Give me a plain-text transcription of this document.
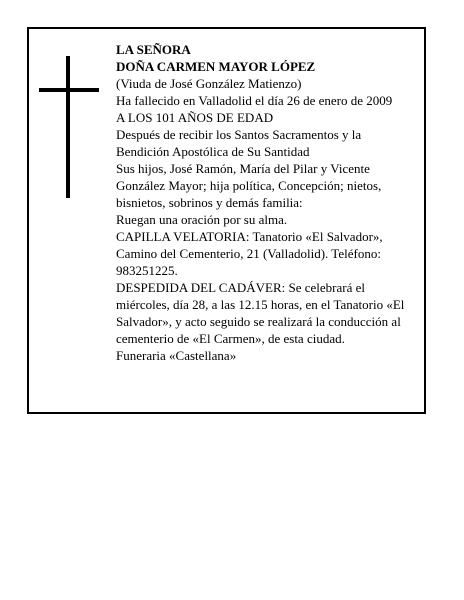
LA SEÑORA
DOÑA CARMEN MAYOR LÓPEZ
(Viuda de José González Matienzo)
Ha fallecido en Valladolid el día 26 de enero de 2009
A LOS 101 AÑOS DE EDAD
Después de recibir los Santos Sacramentos y la
Bendición Apostólica de Su Santidad
Sus hijos, José Ramón, María del Pilar y Vicente
González Mayor; hija política, Concepción; nietos,
bisnietos, sobrinos y demás familia:
Ruegan una oración por su alma.
CAPILLA VELATORIA: Tanatorio «El Salvador»,
Camino del Cementerio, 21 (Valladolid). Teléfono:
983251225.
DESPEDIDA DEL CADÁVER: Se celebrará el
miércoles, día 28, a las 12.15 horas, en el Tanatorio «El
Salvador», y acto seguido se realizará la conducción al
cementerio de «El Carmen», de esta ciudad.
Funeraria «Castellana»
